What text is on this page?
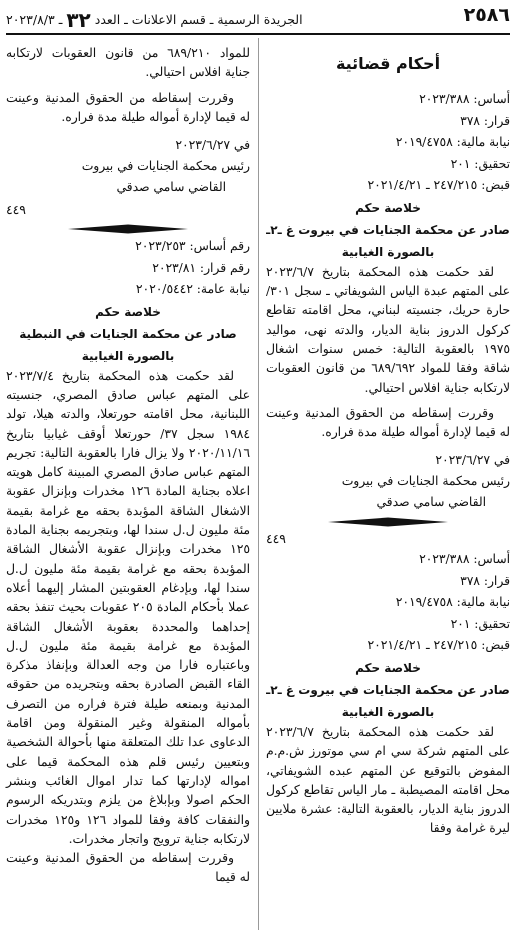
٢٥٨٦
الجريدة الرسمية ـ قسم الاعلانات ـ العدد ٣٢ ـ ٢٠٢٣/٨/٣
أحكام قضائية
أساس: ٢٠٢٣/٣٨٨
قرار: ٣٧٨
نيابة مالية: ٢٠١٩/٤٧٥٨
تحقيق: ٢٠١
قبض: ٢٤٧/٢١٥ ـ ٢٠٢١/٤/٢١
خلاصة حكم
صادر عن محكمة الجنايات في بيروت غ ـ٢ـ
بالصورة الغيابية

لقد حكمت هذه المحكمة بتاريخ ٢٠٢٣/٦/٧ على المتهم عبدة الياس الشويفاتي ـ سجل ٣٠١/ حارة حريك، جنسيته لبناني، محل اقامته تقاطع كركول الدروز بناية الديار، والدته نهى، مواليد ١٩٧٥ بالعقوبة التالية: خمس سنوات اشغال شاقة وفقا للمواد ٦٨٩/٦٩٢ من قانون العقوبات لارتكابه جناية افلاس احتيالي.

وقررت إسقاطه من الحقوق المدنية وعينت له قيما لإدارة أمواله طيلة مدة فراره.

في ٢٠٢٣/٦/٢٧
رئيس محكمة الجنايات في بيروت
القاضي سامي صدقي
٤٤٩
أساس: ٢٠٢٣/٣٨٨
قرار: ٣٧٨
نيابة مالية: ٢٠١٩/٤٧٥٨
تحقيق: ٢٠١
قبض: ٢٤٧/٢١٥ ـ ٢٠٢١/٤/٢١
خلاصة حكم
صادر عن محكمة الجنايات في بيروت غ ـ٢ـ
بالصورة الغيابية

لقد حكمت هذه المحكمة بتاريخ ٢٠٢٣/٦/٧ على المتهم شركة سي ام سي موتورز ش.م.م المفوض بالتوقيع عن المتهم عبده الشويفاتي، محل اقامته المصيطبة ـ مار الياس تقاطع كركول الدروز بناية الديار، بالعقوبة التالية: عشرة ملايين ليرة غرامة وفقا

للمواد ٦٨٩/٢١٠ من قانون العقوبات لارتكابه جناية افلاس احتيالي.

وقررت إسقاطه من الحقوق المدنية وعينت له قيما لإدارة أمواله طيلة مدة فراره.

في ٢٠٢٣/٦/٢٧
رئيس محكمة الجنايات في بيروت
القاضي سامي صدقي
٤٤٩
رقم أساس: ٢٠٢٣/٢٥٣
رقم قرار: ٢٠٢٣/٨١
نيابة عامة: ٢٠٢٠/٥٤٤٢
خلاصة حكم
صادر عن محكمة الجنايات في النبطية
بالصورة الغيابية

لقد حكمت هذه المحكمة بتاريخ ٢٠٢٣/٧/٤ على المتهم عباس صادق المصري، جنسيته اللبنانية، محل اقامته حورتعلا، والدته هيلا، تولد ١٩٨٤ سجل ٣٧/ حورتعلا أوقف غيابيا بتاريخ ٢٠٢٠/١١/١٦ ولا يزال فارا بالعقوبة التالية: تجريم المتهم عباس صادق المصري المبينة كامل هويته اعلاه بجناية المادة ١٢٦ مخدرات وبإنزال عقوبة الاشغال الشاقة المؤبدة بحقه مع غرامة بقيمة مئة مليون ل.ل سندا لها، وبتجريمه بجناية المادة ١٢٥ مخدرات وبإنزال عقوبة الأشغال الشاقة المؤبدة بحقه مع غرامة بقيمة مئة مليون ل.ل سندا لها، وبإدغام العقوبتين المشار إليهما أعلاه عملا بأحكام المادة ٢٠٥ عقوبات بحيث تنفذ بحقه إحداهما والمحددة بعقوبة الأشغال الشاقة المؤبدة مع غرامة بقيمة مئة مليون ل.ل وباعتباره فارا من وجه العدالة وبإنفاذ مذكرة القاء القبض الصادرة بحقه وبتجريده من حقوقه المدنية وبمنعه طيلة فترة فراره من التصرف بأمواله المنقولة وغير المنقولة ومن اقامة الدعاوى عدا تلك المتعلقة منها بأحوالة الشخصية وبتعيين رئيس قلم هذه المحكمة قيما على امواله لإدارتها كما تدار اموال الغائب وبنشر الحكم اصولا وبإبلاغ من يلزم وبتدريكه الرسوم والنفقات كافة وفقا للمواد ١٢٦ و١٢٥ مخدرات لارتكابه جناية ترويج واتجار مخدرات.

وقررت إسقاطه من الحقوق المدنية وعينت له قيما
